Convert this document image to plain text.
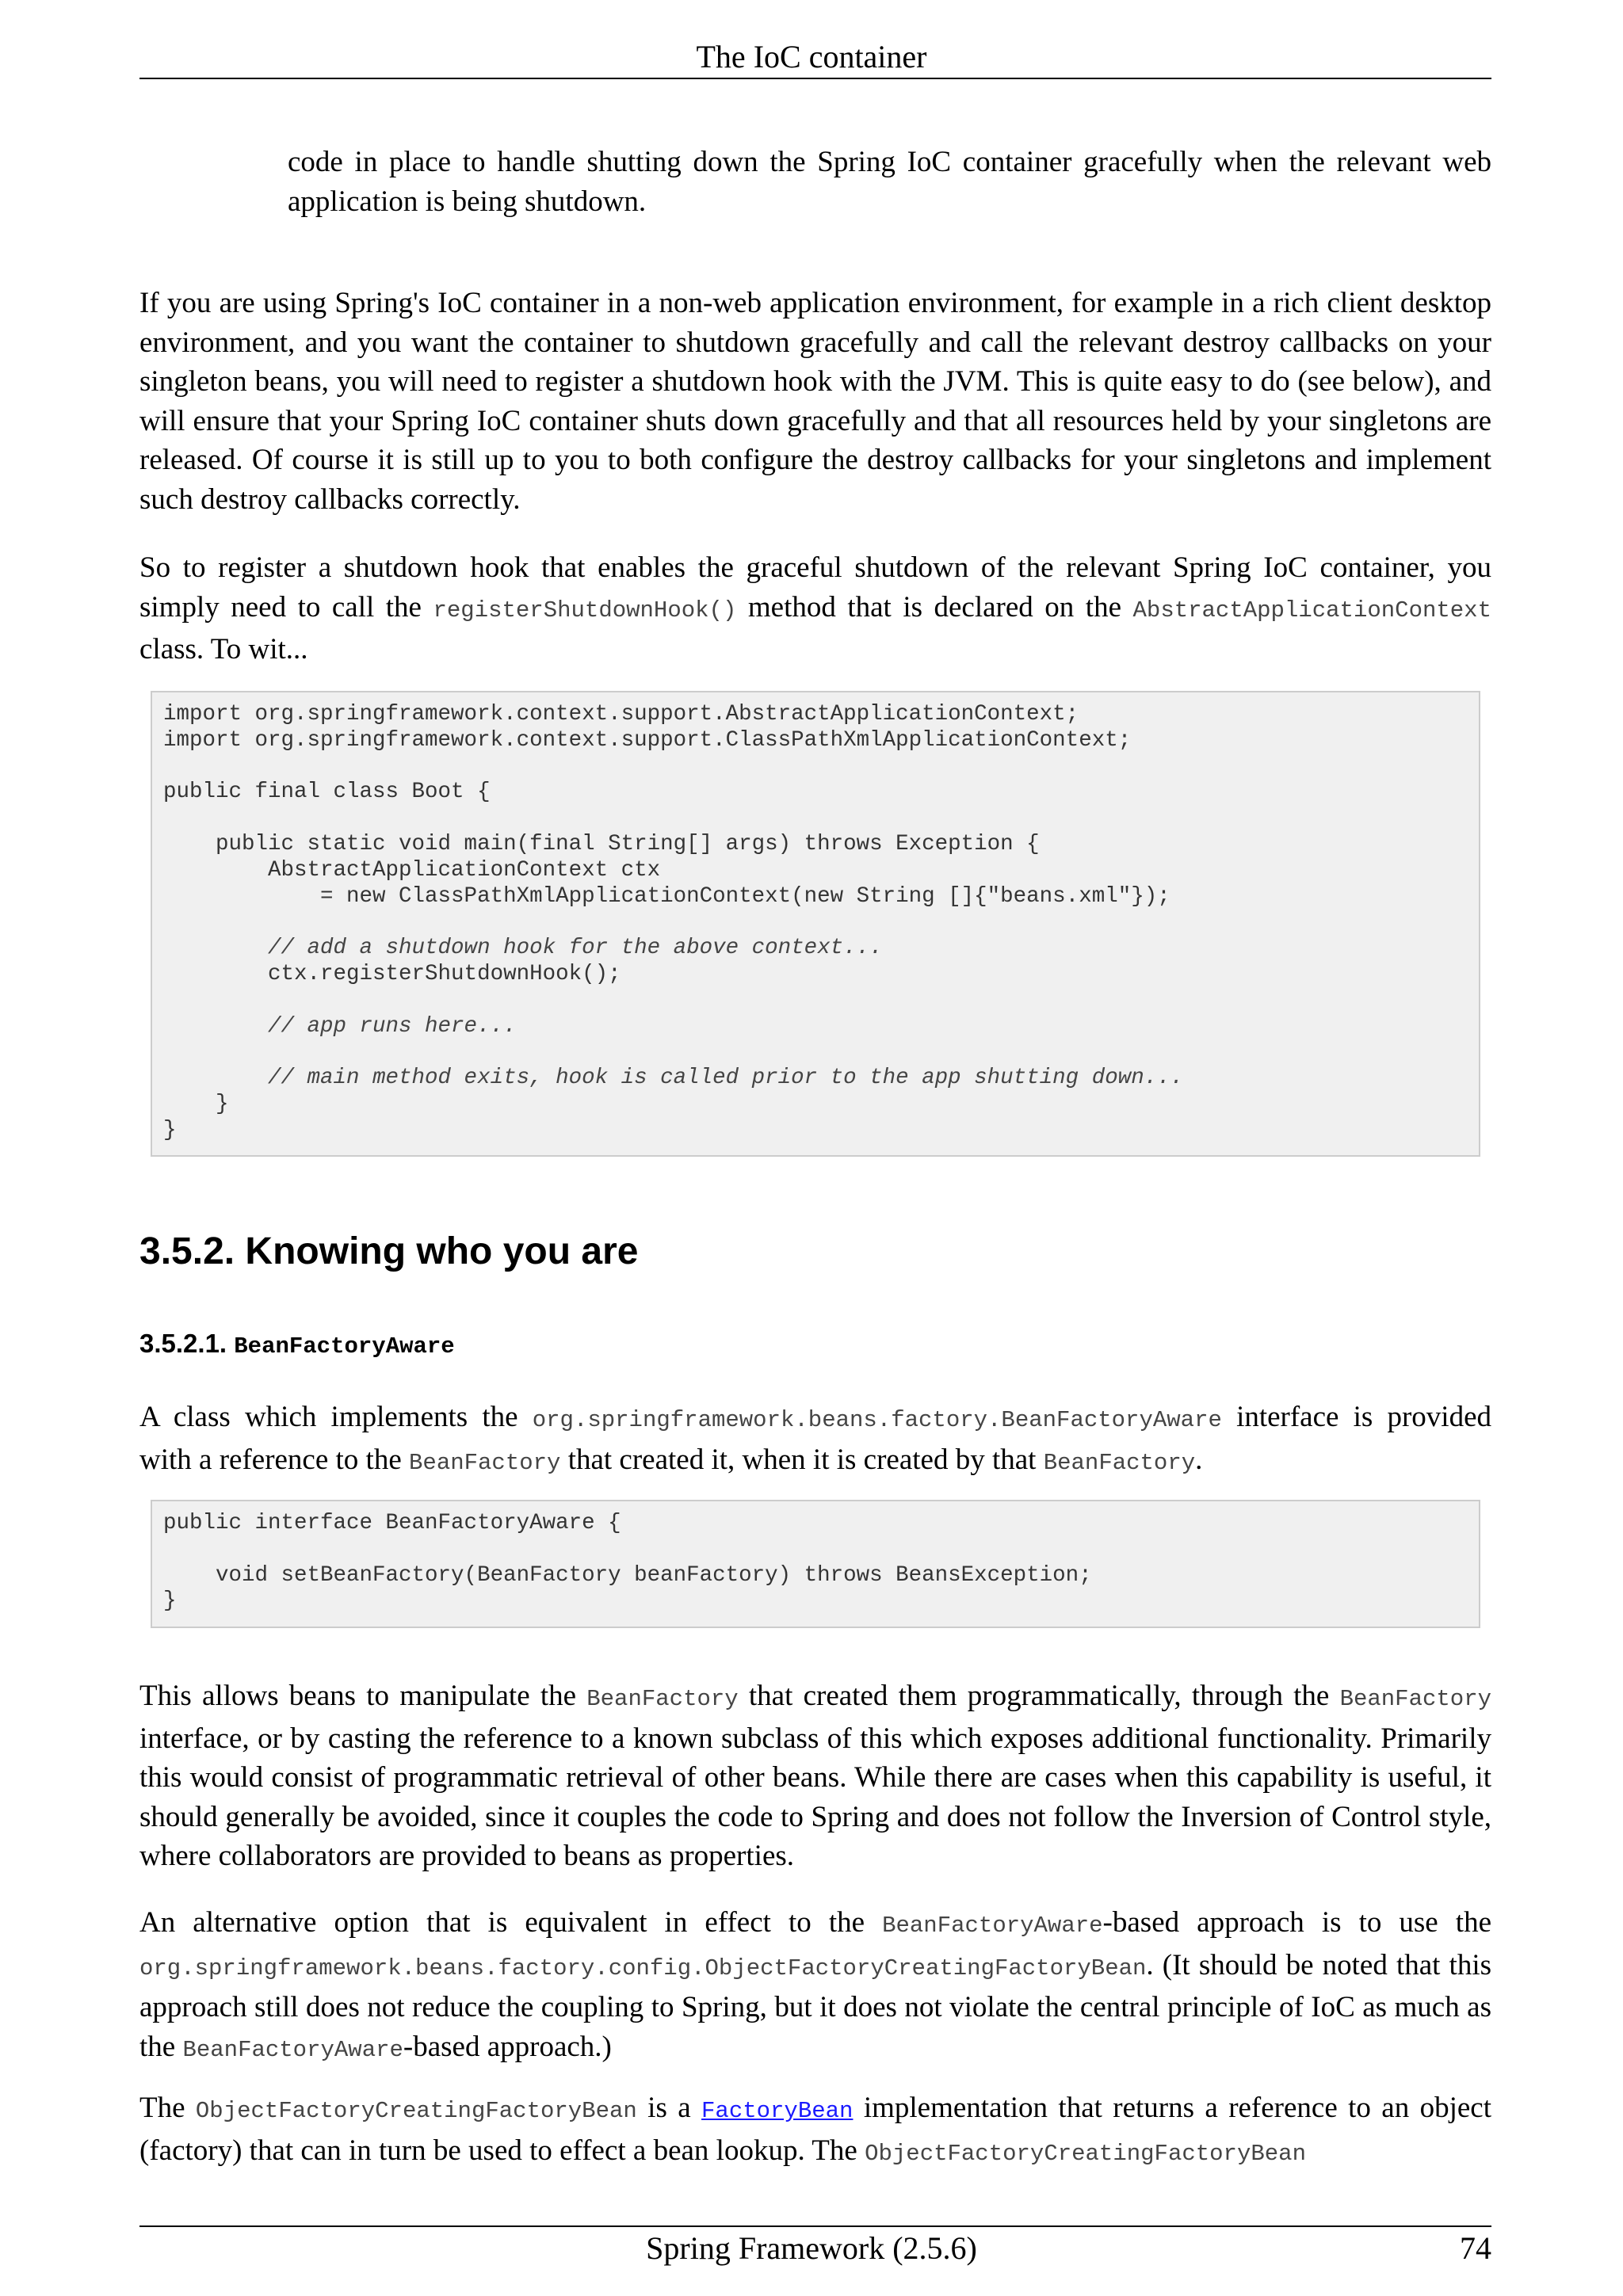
The IoC container

code in place to handle shutting down the Spring IoC container gracefully when the relevant web application is being shutdown.

If you are using Spring's IoC container in a non-web application environment, for example in a rich client desktop environment, and you want the container to shutdown gracefully and call the relevant destroy callbacks on your singleton beans, you will need to register a shutdown hook with the JVM. This is quite easy to do (see below), and will ensure that your Spring IoC container shuts down gracefully and that all resources held by your singletons are released. Of course it is still up to you to both configure the destroy callbacks for your singletons and implement such destroy callbacks correctly.

So to register a shutdown hook that enables the graceful shutdown of the relevant Spring IoC container, you simply need to call the registerShutdownHook() method that is declared on the AbstractApplicationContext class. To wit...

import org.springframework.context.support.AbstractApplicationContext;
import org.springframework.context.support.ClassPathXmlApplicationContext;
public final class Boot {
public static void main(final String[] args) throws Exception {
AbstractApplicationContext ctx
= new ClassPathXmlApplicationContext(new String []{"beans.xml"});
// add a shutdown hook for the above context...
ctx.registerShutdownHook();
// app runs here...
// main method exits, hook is called prior to the app shutting down...
}
}
3.5.2. Knowing who you are
3.5.2.1. BeanFactoryAware

A class which implements the org.springframework.beans.factory.BeanFactoryAware interface is provided with a reference to the BeanFactory that created it, when it is created by that BeanFactory.

public interface BeanFactoryAware {
void setBeanFactory(BeanFactory beanFactory) throws BeansException;
}

This allows beans to manipulate the BeanFactory that created them programmatically, through the BeanFactory interface, or by casting the reference to a known subclass of this which exposes additional functionality. Primarily this would consist of programmatic retrieval of other beans. While there are cases when this capability is useful, it should generally be avoided, since it couples the code to Spring and does not follow the Inversion of Control style, where collaborators are provided to beans as properties.

An alternative option that is equivalent in effect to the BeanFactoryAware-based approach is to use the org.springframework.beans.factory.config.ObjectFactoryCreatingFactoryBean. (It should be noted that this approach still does not reduce the coupling to Spring, but it does not violate the central principle of IoC as much as the BeanFactoryAware-based approach.)

The ObjectFactoryCreatingFactoryBean is a FactoryBean implementation that returns a reference to an object (factory) that can in turn be used to effect a bean lookup. The ObjectFactoryCreatingFactoryBean

Spring Framework (2.5.6)	74
